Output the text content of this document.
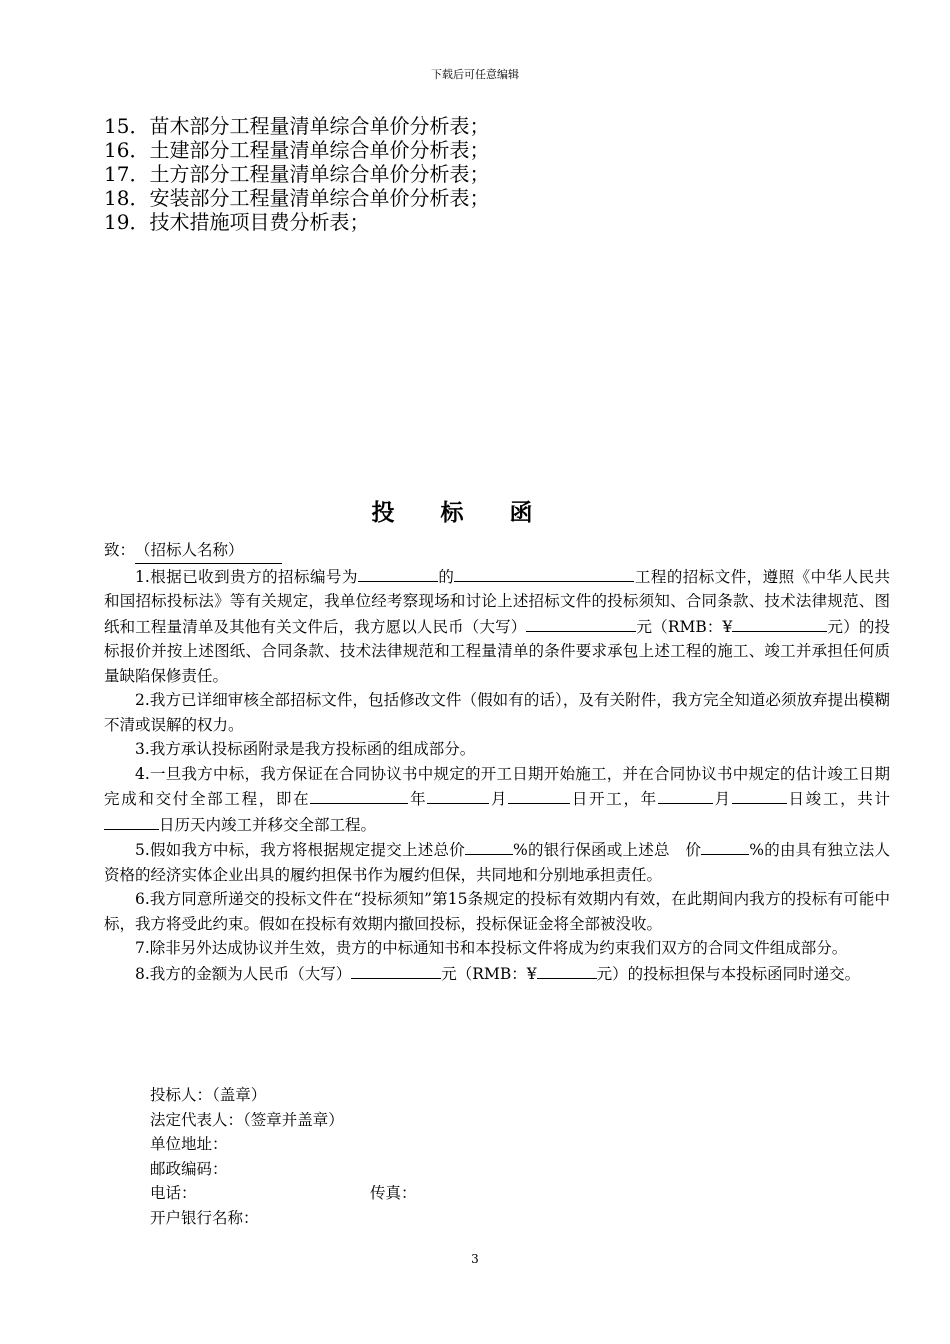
下载后可任意编辑
15．苗木部分工程量清单综合单价分析表；
16．土建部分工程量清单综合单价分析表；
17．土方部分工程量清单综合单价分析表；
18．安装部分工程量清单综合单价分析表；
19．技术措施项目费分析表；
投标函

致：（招标人名称）　　　

1.根据已收到贵方的招标编号为	的	工程的招标文件，遵照《中华人民共和国招标投标法》等有关规定，我单位经考察现场和讨论上述招标文件的投标须知、合同条款、技术法律规范、图纸和工程量清单及其他有关文件后，我方愿以人民币（大写）	元（RMB：¥	元）的投标报价并按上述图纸、合同条款、技术法律规范和工程量清单的条件要求承包上述工程的施工、竣工并承担任何质量缺陷保修责任。

2.我方已详细审核全部招标文件，包括修改文件（假如有的话），及有关附件，我方完全知道必须放弃提出模糊不清或误解的权力。

3.我方承认投标函附录是我方投标函的组成部分。

4.一旦我方中标，我方保证在合同协议书中规定的开工日期开始施工，并在合同协议书中规定的估计竣工日期完成和交付全部工程，即在	年	月	日开工，年	月	日竣工，共计日历天内竣工并移交全部工程。

5.假如我方中标，我方将根据规定提交上述总价	%的银行保函或上述总　价	%的由具有独立法人资格的经济实体企业出具的履约担保书作为履约但保，共同地和分别地承担责任。

6.我方同意所递交的投标文件在“投标须知”第15条规定的投标有效期内有效，在此期间内我方的投标有可能中标，我方将受此约束。假如在投标有效期内撤回投标，投标保证金将全部被没收。

7.除非另外达成协议并生效，贵方的中标通知书和本投标文件将成为约束我们双方的合同文件组成部分。

8.我方的金额为人民币（大写）	元（RMB：¥	元）的投标担保与本投标函同时递交。

投标人：（盖章）
法定代表人：（签章并盖章）
单位地址：
邮政编码：
电话：	传真：
开户银行名称：
3
